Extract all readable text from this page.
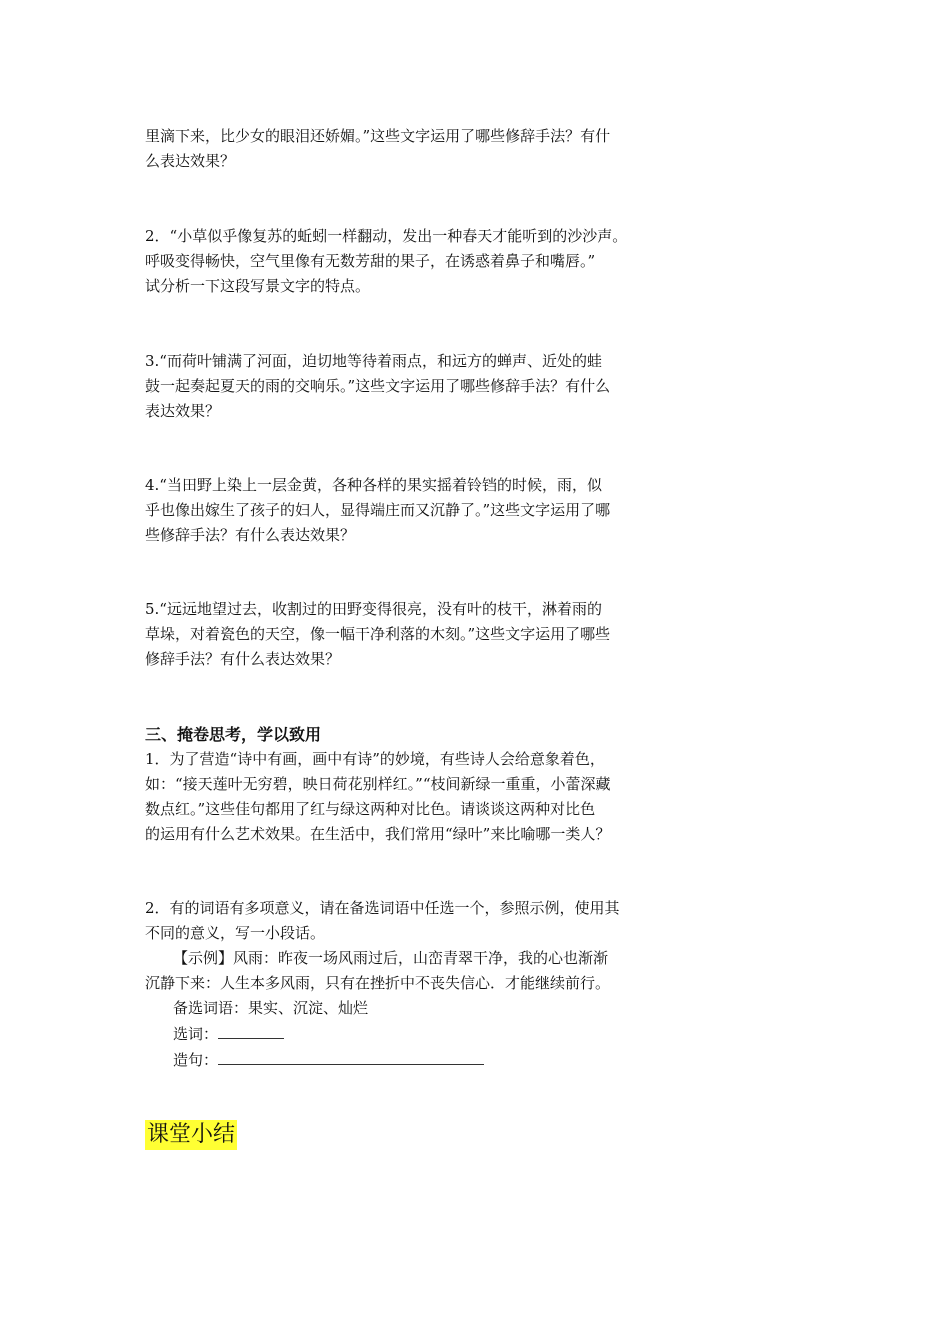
里滴下来，比少女的眼泪还娇媚。”这些文字运用了哪些修辞手法？有什
么表达效果？
2．“小草似乎像复苏的蚯蚓一样翻动，发出一种春天才能听到的沙沙声。
呼吸变得畅快，空气里像有无数芳甜的果子，在诱惑着鼻子和嘴唇。”
试分析一下这段写景文字的特点。
3.“而荷叶铺满了河面，迫切地等待着雨点，和远方的蝉声、近处的蛙
鼓一起奏起夏天的雨的交响乐。”这些文字运用了哪些修辞手法？有什么
表达效果？
4.“当田野上染上一层金黄，各种各样的果实摇着铃铛的时候，雨，似
乎也像出嫁生了孩子的妇人，显得端庄而又沉静了。”这些文字运用了哪
些修辞手法？有什么表达效果？
5.“远远地望过去，收割过的田野变得很亮，没有叶的枝干，淋着雨的
草垛，对着瓷色的天空，像一幅干净利落的木刻。”这些文字运用了哪些
修辞手法？有什么表达效果？
三、掩卷思考，学以致用
1．为了营造“诗中有画，画中有诗”的妙境，有些诗人会给意象着色，
如：“接天莲叶无穷碧，映日荷花别样红。”“枝间新绿一重重，小蕾深藏
数点红。”这些佳句都用了红与绿这两种对比色。请谈谈这两种对比色
的运用有什么艺术效果。在生活中，我们常用“绿叶”来比喻哪一类人？
2．有的词语有多项意义，请在备选词语中任选一个，参照示例，使用其
不同的意义，写一小段话。
【示例】风雨：昨夜一场风雨过后，山峦青翠干净，我的心也渐渐
沉静下来：人生本多风雨，只有在挫折中不丧失信心．才能继续前行。
备选词语：果实、沉淀、灿烂
选词：
造句：
课堂小结
